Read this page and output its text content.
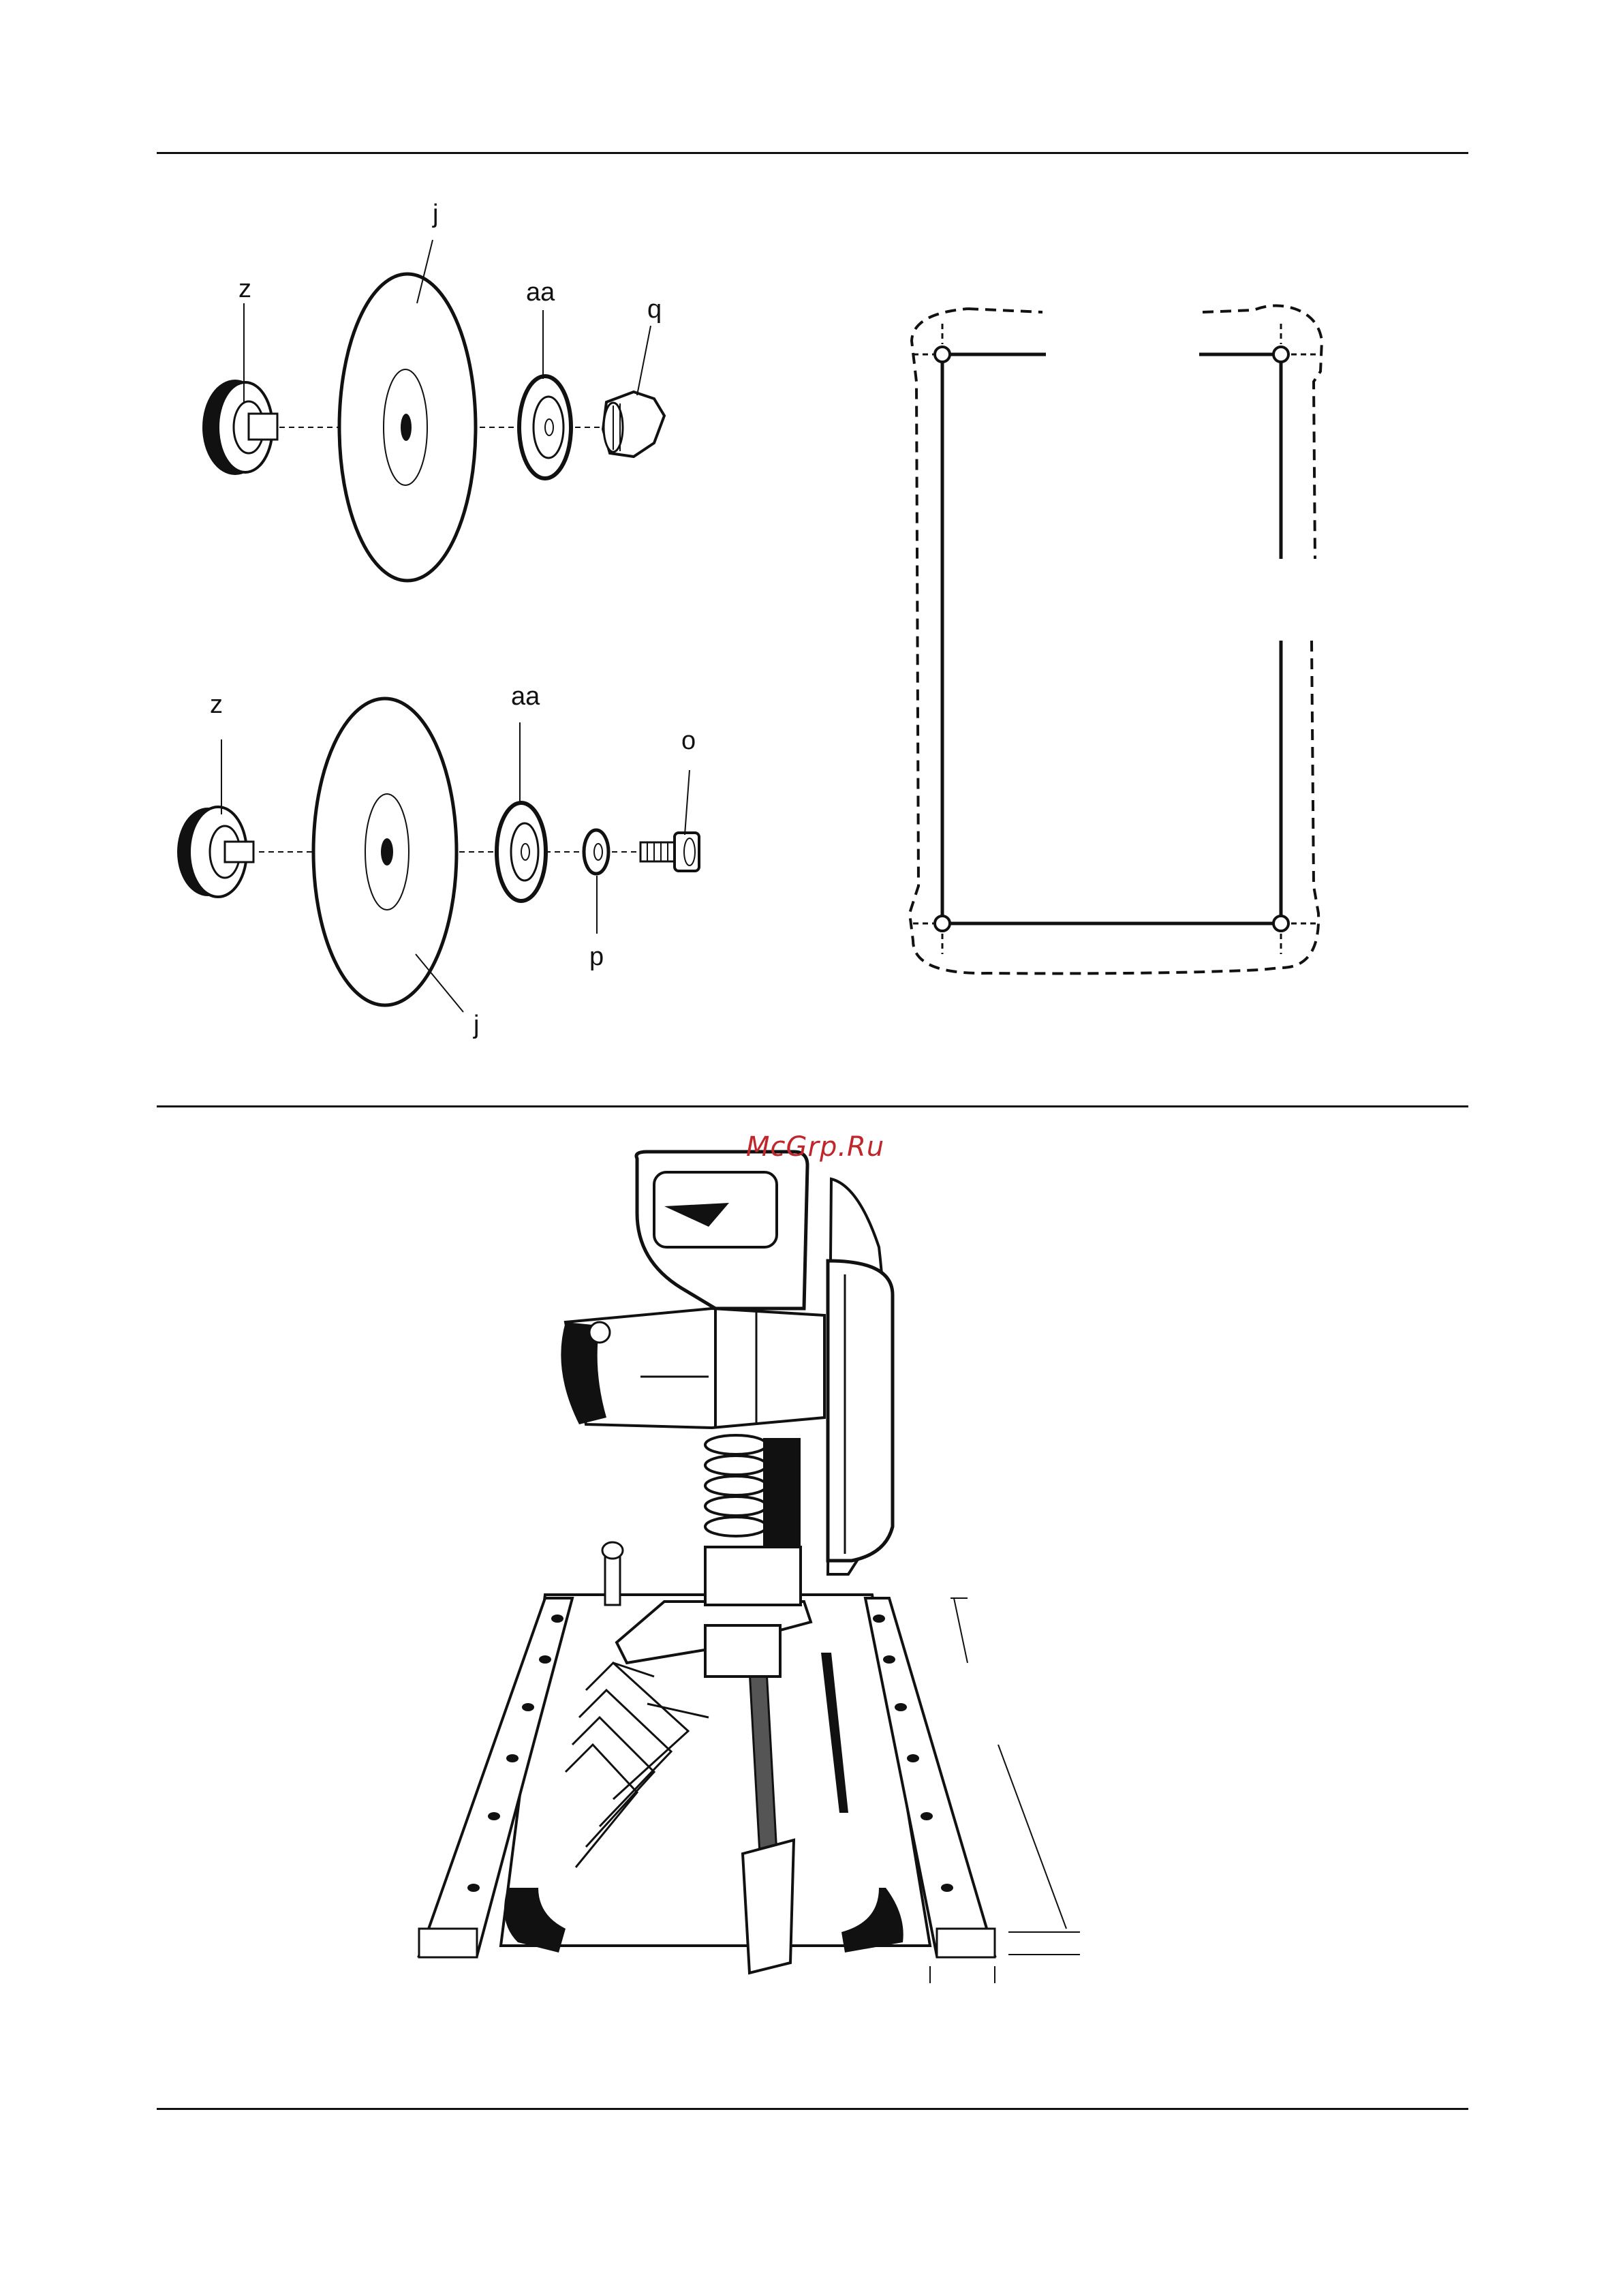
j
z	aa
q
z	aa
o
p
j
McGrp.Ru
